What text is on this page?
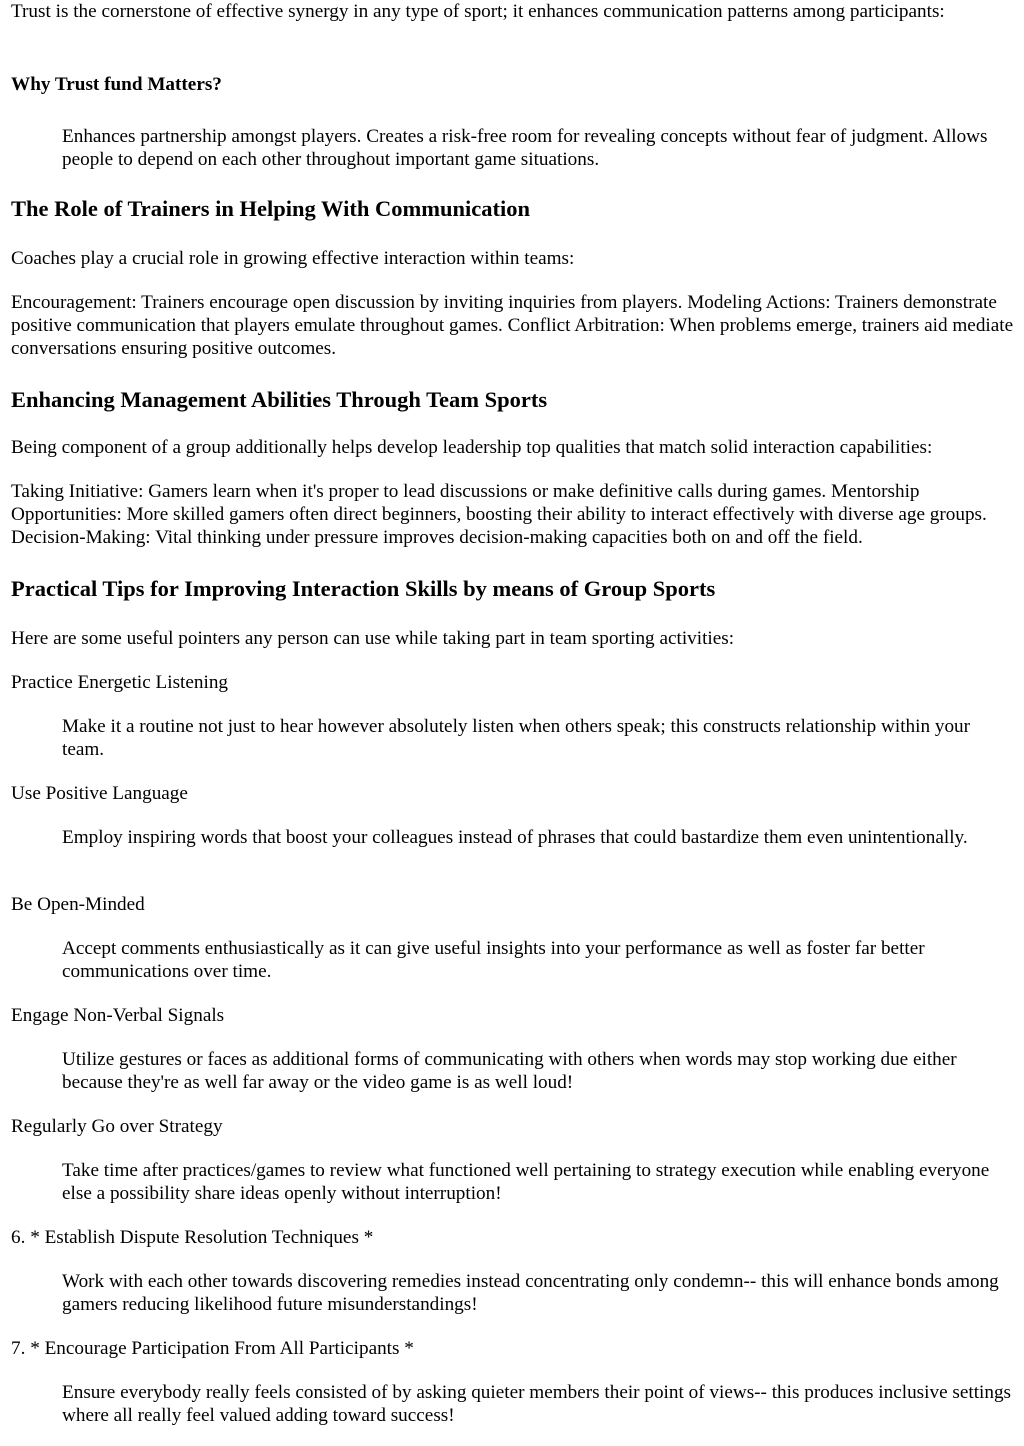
Trust is the cornerstone of effective synergy in any type of sport; it enhances communication patterns among participants:

Why Trust fund Matters?

Enhances partnership amongst players. Creates a risk-free room for revealing concepts without fear of judgment. Allows people to depend on each other throughout important game situations.

The Role of Trainers in Helping With Communication

Coaches play a crucial role in growing effective interaction within teams:

Encouragement: Trainers encourage open discussion by inviting inquiries from players. Modeling Actions: Trainers demonstrate positive communication that players emulate throughout games. Conflict Arbitration: When problems emerge, trainers aid mediate conversations ensuring positive outcomes.

Enhancing Management Abilities Through Team Sports

Being component of a group additionally helps develop leadership top qualities that match solid interaction capabilities:

Taking Initiative: Gamers learn when it's proper to lead discussions or make definitive calls during games. Mentorship Opportunities: More skilled gamers often direct beginners, boosting their ability to interact effectively with diverse age groups. Decision-Making: Vital thinking under pressure improves decision-making capacities both on and off the field.

Practical Tips for Improving Interaction Skills by means of Group Sports

Here are some useful pointers any person can use while taking part in team sporting activities:

Practice Energetic Listening

Make it a routine not just to hear however absolutely listen when others speak; this constructs relationship within your team.

Use Positive Language

Employ inspiring words that boost your colleagues instead of phrases that could bastardize them even unintentionally.

Be Open-Minded

Accept comments enthusiastically as it can give useful insights into your performance as well as foster far better communications over time.

Engage Non-Verbal Signals

Utilize gestures or faces as additional forms of communicating with others when words may stop working due either because they're as well far away or the video game is as well loud!

Regularly Go over Strategy

Take time after practices/games to review what functioned well pertaining to strategy execution while enabling everyone else a possibility share ideas openly without interruption!

6. * Establish Dispute Resolution Techniques *

Work with each other towards discovering remedies instead concentrating only condemn-- this will enhance bonds among gamers reducing likelihood future misunderstandings!

7. * Encourage Participation From All Participants *

Ensure everybody really feels consisted of by asking quieter members their point of views-- this produces inclusive settings where all really feel valued adding toward success!
